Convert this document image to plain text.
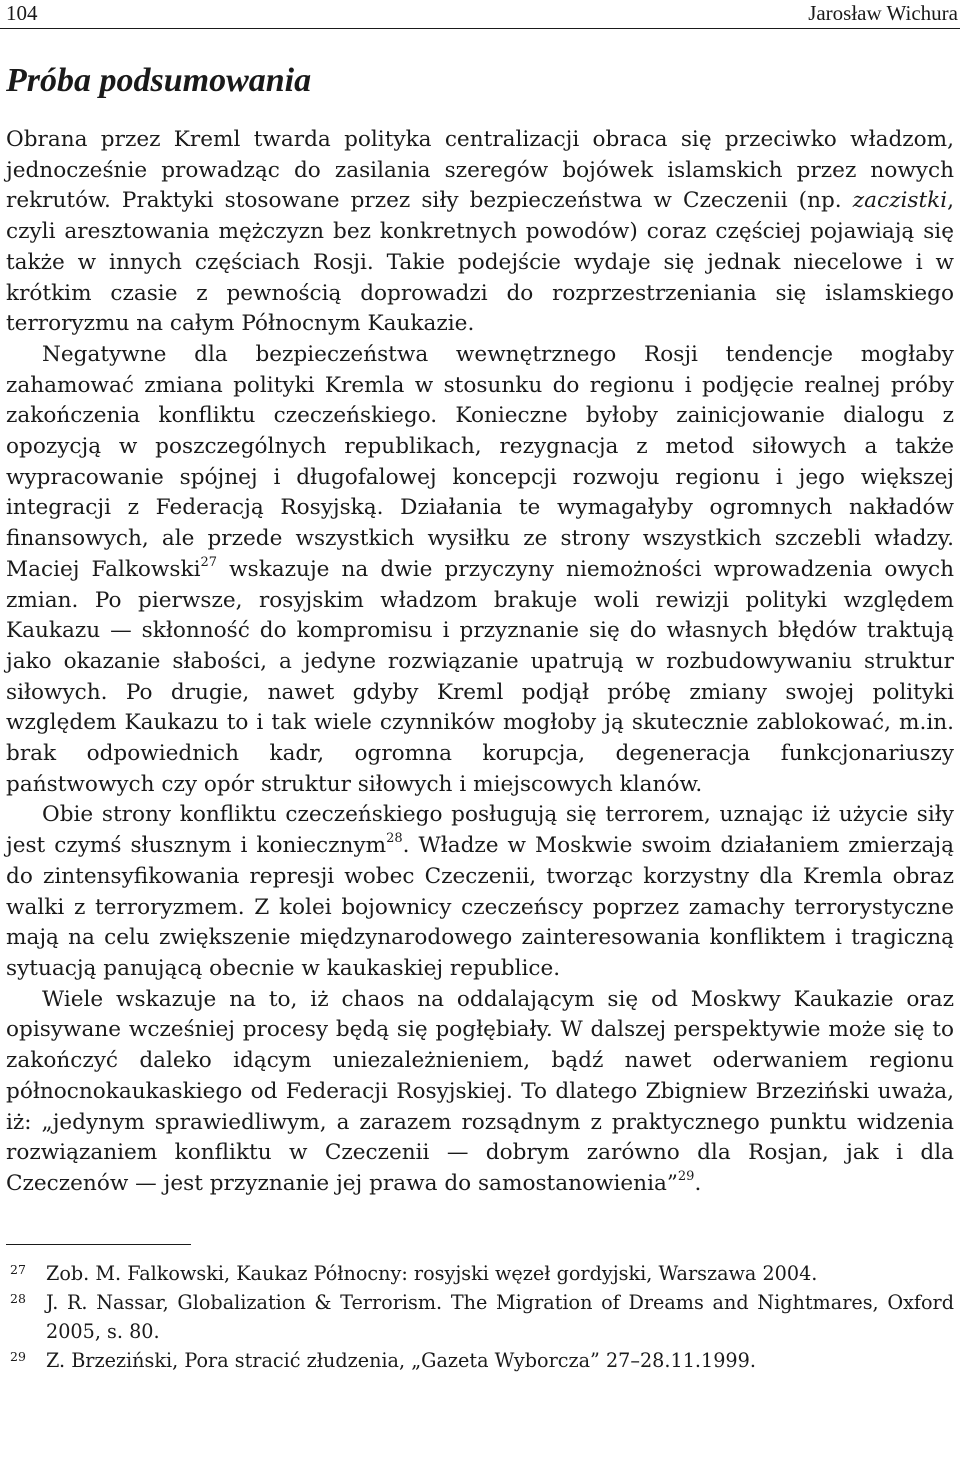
104	Jarosław Wichura
Próba podsumowania

Obrana przez Kreml twarda polityka centralizacji obraca się przeciwko władzom, jednocześnie prowadząc do zasilania szeregów bojówek islamskich przez nowych rekrutów. Praktyki stosowane przez siły bezpieczeństwa w Czeczenii (np. zaczistki, czyli aresztowania mężczyzn bez konkretnych powodów) coraz częściej pojawiają się także w innych częściach Rosji. Takie podejście wydaje się jednak niecelowe i w krótkim czasie z pewnością doprowadzi do rozprzestrzeniania się islamskiego terroryzmu na całym Północnym Kaukazie.

Negatywne dla bezpieczeństwa wewnętrznego Rosji tendencje mogłaby zahamować zmiana polityki Kremla w stosunku do regionu i podjęcie realnej próby zakończenia konfliktu czeczeńskiego. Konieczne byłoby zainicjowanie dialogu z opozycją w poszczególnych republikach, rezygnacja z metod siłowych a także wypracowanie spójnej i długofalowej koncepcji rozwoju regionu i jego większej integracji z Federacją Rosyjską. Działania te wymagałyby ogromnych nakładów finansowych, ale przede wszystkich wysiłku ze strony wszystkich szczebli władzy. Maciej Falkowski$^{27}$ wskazuje na dwie przyczyny niemożności wprowadzenia owych zmian. Po pierwsze, rosyjskim władzom brakuje woli rewizji polityki względem Kaukazu — skłonność do kompromisu i przyznanie się do własnych błędów traktują jako okazanie słabości, a jedyne rozwiązanie upatrują w rozbudowywaniu struktur siłowych. Po drugie, nawet gdyby Kreml podjął próbę zmiany swojej polityki względem Kaukazu to i tak wiele czynników mogłoby ją skutecznie zablokować, m.in. brak odpowiednich kadr, ogromna korupcja, degeneracja funkcjonariuszy państwowych czy opór struktur siłowych i miejscowych klanów.

Obie strony konfliktu czeczeńskiego posługują się terrorem, uznając iż użycie siły jest czymś słusznym i koniecznym$^{28}$. Władze w Moskwie swoim działaniem zmierzają do zintensyfikowania represji wobec Czeczenii, tworząc korzystny dla Kremla obraz walki z terroryzmem. Z kolei bojownicy czeczeńscy poprzez zamachy terrorystyczne mają na celu zwiększenie międzynarodowego zainteresowania konfliktem i tragiczną sytuacją panującą obecnie w kaukaskiej republice.

Wiele wskazuje na to, iż chaos na oddalającym się od Moskwy Kaukazie oraz opisywane wcześniej procesy będą się pogłębiały. W dalszej perspektywie może się to zakończyć daleko idącym uniezależnieniem, bądź nawet oderwaniem regionu północnokaukaskiego od Federacji Rosyjskiej. To dlatego Zbigniew Brzeziński uważa, iż: „jedynym sprawiedliwym, a zarazem rozsądnym z praktycznego punktu widzenia rozwiązaniem konfliktu w Czeczenii — dobrym zarówno dla Rosjan, jak i dla Czeczenów — jest przyznanie jej prawa do samostanowienia”$^{29}$.

27	Zob. M. Falkowski, Kaukaz Północny: rosyjski węzeł gordyjski, Warszawa 2004.
28	J. R. Nassar, Globalization & Terrorism. The Migration of Dreams and Nightmares, Oxford 2005, s. 80.
29	Z. Brzeziński, Pora stracić złudzenia, „Gazeta Wyborcza” 27–28.11.1999.
